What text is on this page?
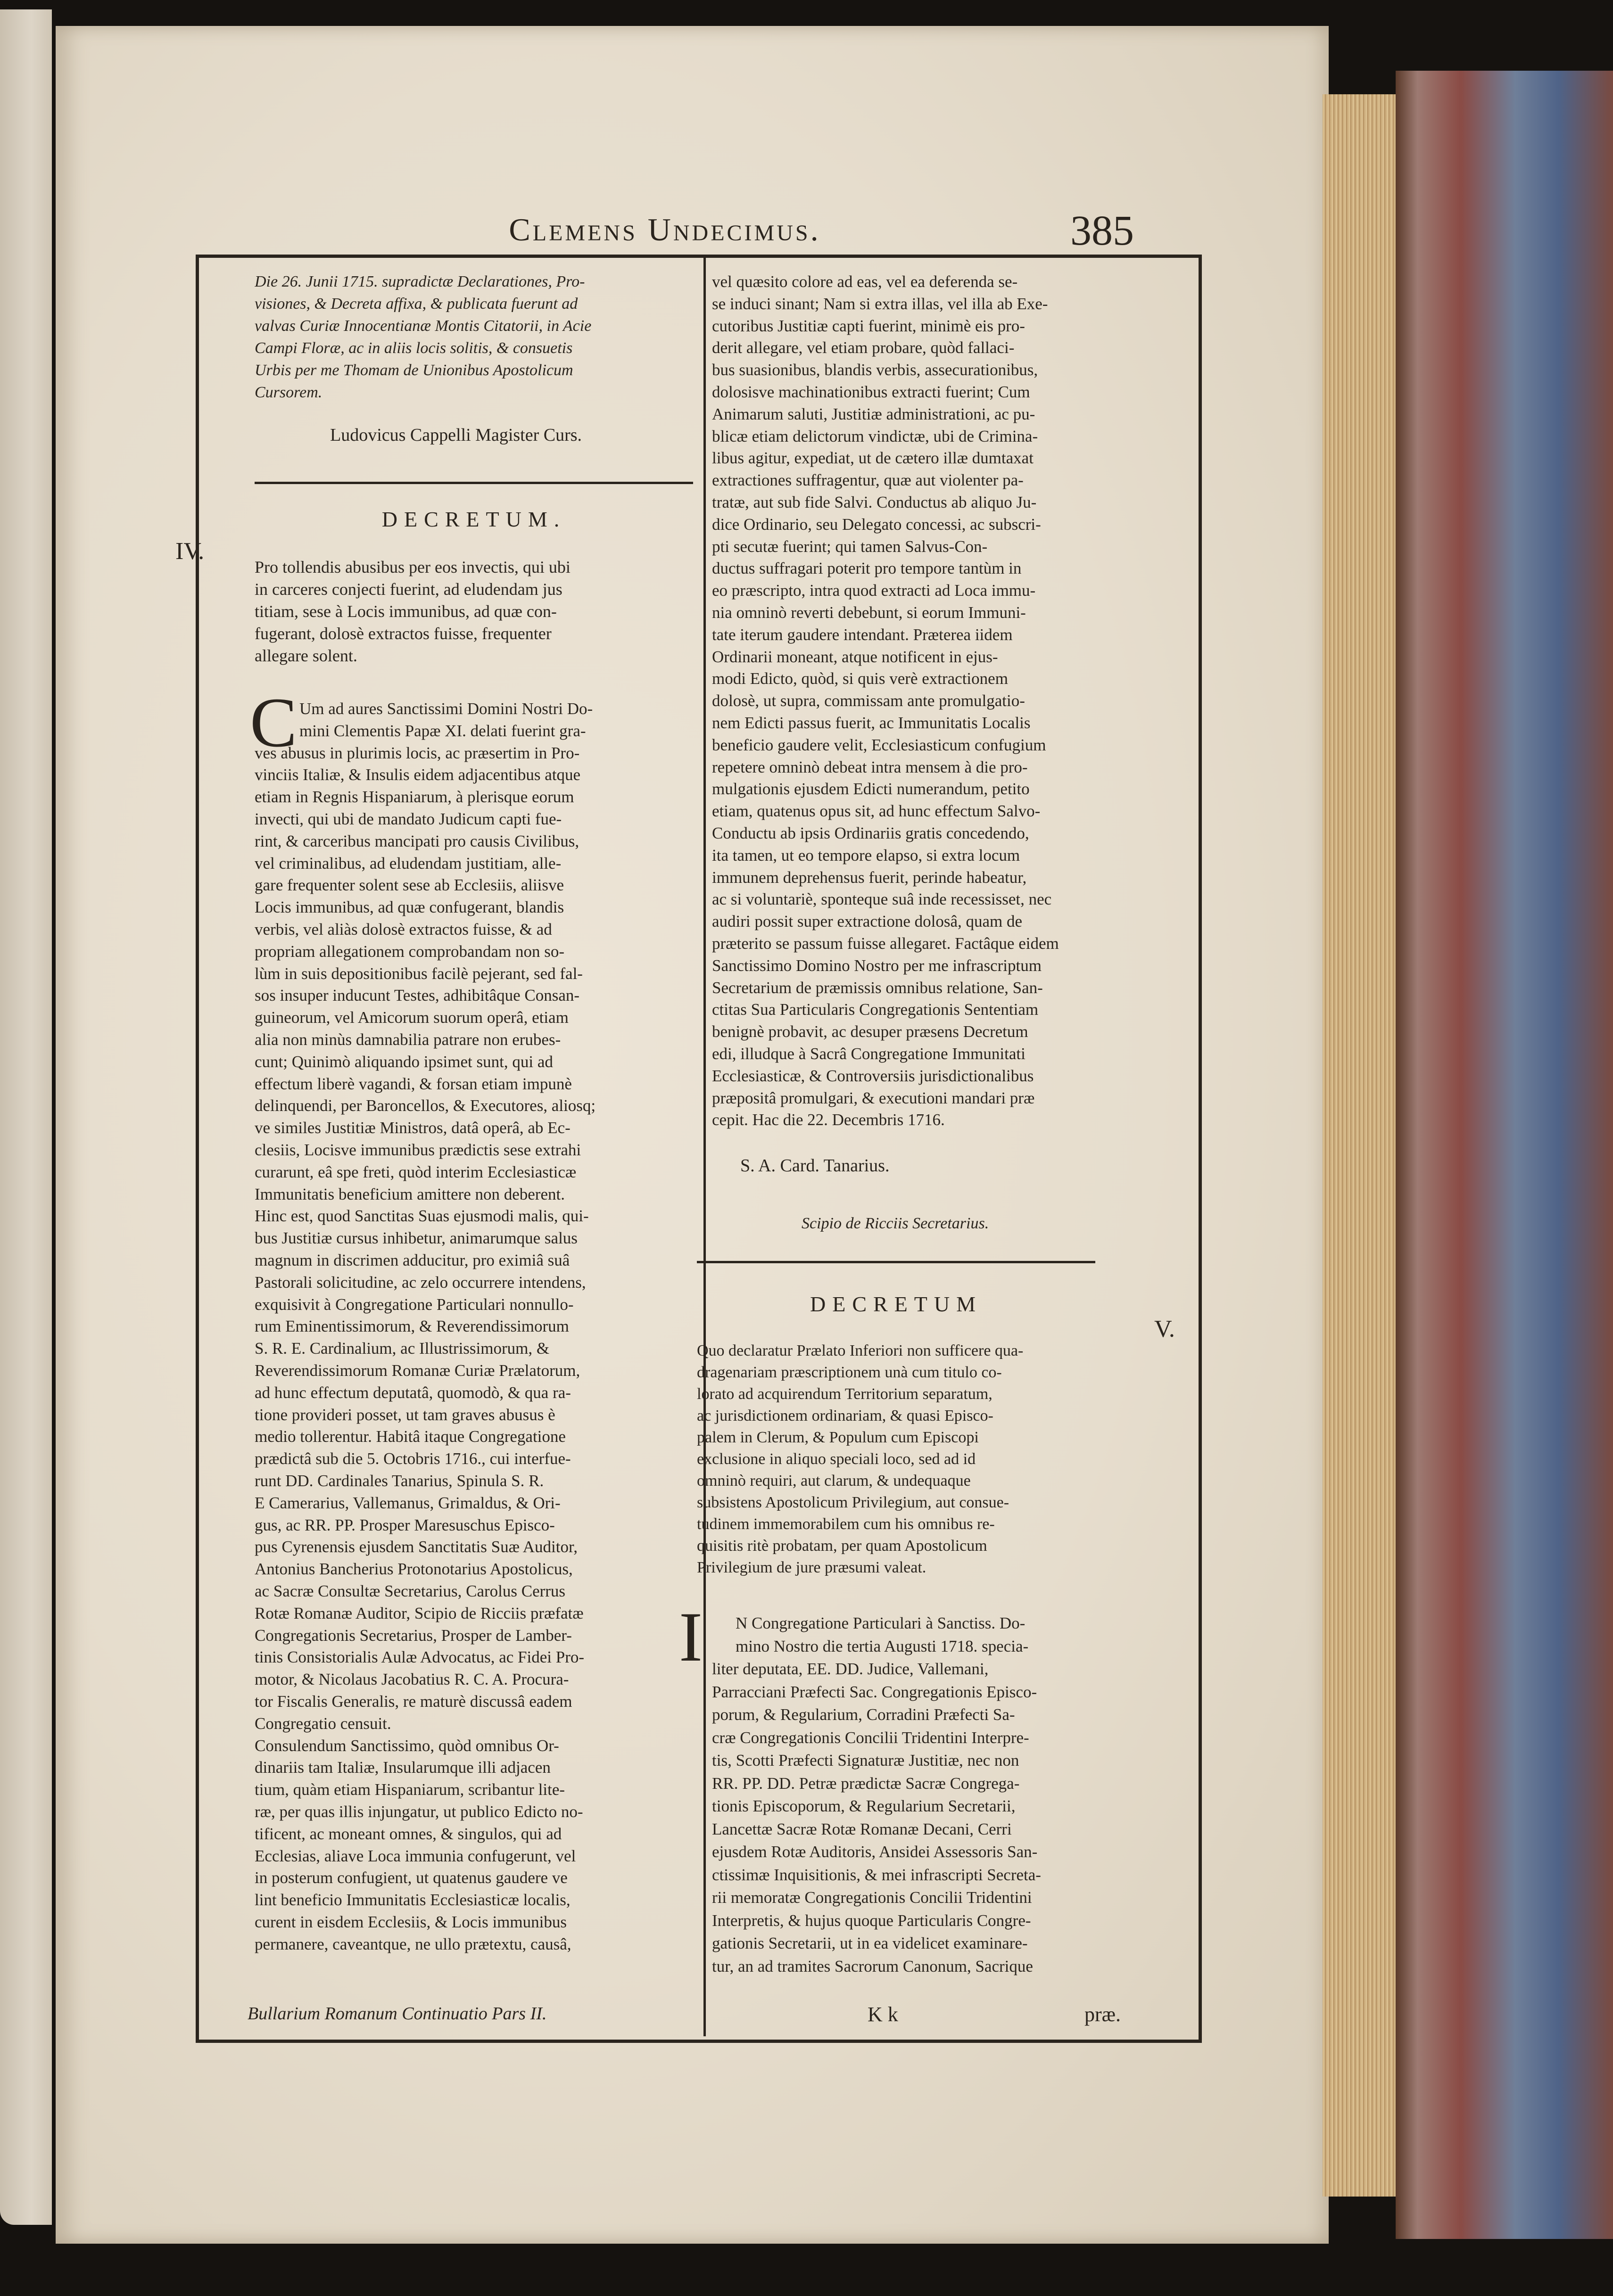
Clemens Undecimus.	385
IV.
V.
Bullarium Romanum Continuatio Pars II.	K k	præ.
Die 26. Junii 1715. supradictæ Declarationes, Pro-
visiones, & Decreta affixa, & publicata fuerunt ad
valvas Curiæ Innocentianæ Montis Citatorii, in Acie
Campi Floræ, ac in aliis locis solitis, & consuetis
Urbis per me Thomam de Unionibus Apostolicum
Cursorem.
Ludovicus Cappelli Magister Curs.
DECRETUM.
Pro tollendis abusibus per eos invectis, qui ubi
in carceres conjecti fuerint, ad eludendam jus
titiam, sese à Locis immunibus, ad quæ con-
fugerant, dolosè extractos fuisse, frequenter
allegare solent.
C Um ad aures Sanctissimi Domini Nostri Do-
mini Clementis Papæ XI. delati fuerint gra-
ves abusus in plurimis locis, ac præsertim in Pro-
vinciis Italiæ, & Insulis eidem adjacentibus atque
etiam in Regnis Hispaniarum, à plerisque eorum
invecti, qui ubi de mandato Judicum capti fue-
rint, & carceribus mancipati pro causis Civilibus,
vel criminalibus, ad eludendam justitiam, alle-
gare frequenter solent sese ab Ecclesiis, aliisve
Locis immunibus, ad quæ confugerant, blandis
verbis, vel aliàs dolosè extractos fuisse, & ad
propriam allegationem comprobandam non so-
lùm in suis depositionibus facilè pejerant, sed fal-
sos insuper inducunt Testes, adhibitâque Consan-
guineorum, vel Amicorum suorum operâ, etiam
alia non minùs damnabilia patrare non erubes-
cunt; Quinimò aliquando ipsimet sunt, qui ad
effectum liberè vagandi, & forsan etiam impunè
delinquendi, per Baroncellos, & Executores, aliosq;
ve similes Justitiæ Ministros, datâ operâ, ab Ec-
clesiis, Locisve immunibus prædictis sese extrahi
curarunt, eâ spe freti, quòd interim Ecclesiasticæ
Immunitatis beneficium amittere non deberent.
Hinc est, quod Sanctitas Suas ejusmodi malis, qui-
bus Justitiæ cursus inhibetur, animarumque salus
magnum in discrimen adducitur, pro eximiâ suâ
Pastorali solicitudine, ac zelo occurrere intendens,
exquisivit à Congregatione Particulari nonnullo-
rum Eminentissimorum, & Reverendissimorum
S. R. E. Cardinalium, ac Illustrissimorum, &
Reverendissimorum Romanæ Curiæ Prælatorum,
ad hunc effectum deputatâ, quomodò, & qua ra-
tione provideri posset, ut tam graves abusus è
medio tollerentur. Habitâ itaque Congregatione
prædictâ sub die 5. Octobris 1716., cui interfue-
runt DD. Cardinales Tanarius, Spinula S. R.
E Camerarius, Vallemanus, Grimaldus, & Ori-
gus, ac RR. PP. Prosper Maresuschus Episco-
pus Cyrenensis ejusdem Sanctitatis Suæ Auditor,
Antonius Bancherius Protonotarius Apostolicus,
ac Sacræ Consultæ Secretarius, Carolus Cerrus
Rotæ Romanæ Auditor, Scipio de Ricciis præfatæ
Congregationis Secretarius, Prosper de Lamber-
tinis Consistorialis Aulæ Advocatus, ac Fidei Pro-
motor, & Nicolaus Jacobatius R. C. A. Procura-
tor Fiscalis Generalis, re maturè discussâ eadem
Congregatio censuit.
Consulendum Sanctissimo, quòd omnibus Or-
dinariis tam Italiæ, Insularumque illi adjacen
tium, quàm etiam Hispaniarum, scribantur lite-
ræ, per quas illis injungatur, ut publico Edicto no-
tificent, ac moneant omnes, & singulos, qui ad
Ecclesias, aliave Loca immunia confugerunt, vel
in posterum confugient, ut quatenus gaudere ve
lint beneficio Immunitatis Ecclesiasticæ localis,
curent in eisdem Ecclesiis, & Locis immunibus
permanere, caveantque, ne ullo prætextu, causâ,
vel quæsito colore ad eas, vel ea deferenda se-
se induci sinant; Nam si extra illas, vel illa ab Exe-
cutoribus Justitiæ capti fuerint, minimè eis pro-
derit allegare, vel etiam probare, quòd fallaci-
bus suasionibus, blandis verbis, assecurationibus,
dolosisve machinationibus extracti fuerint; Cum
Animarum saluti, Justitiæ administrationi, ac pu-
blicæ etiam delictorum vindictæ, ubi de Crimina-
libus agitur, expediat, ut de cætero illæ dumtaxat
extractiones suffragentur, quæ aut violenter pa-
tratæ, aut sub fide Salvi. Conductus ab aliquo Ju-
dice Ordinario, seu Delegato concessi, ac subscri-
pti secutæ fuerint; qui tamen Salvus-Con-
ductus suffragari poterit pro tempore tantùm in
eo præscripto, intra quod extracti ad Loca immu-
nia omninò reverti debebunt, si eorum Immuni-
tate iterum gaudere intendant. Præterea iidem
Ordinarii moneant, atque notificent in ejus-
modi Edicto, quòd, si quis verè extractionem
dolosè, ut supra, commissam ante promulgatio-
nem Edicti passus fuerit, ac Immunitatis Localis
beneficio gaudere velit, Ecclesiasticum confugium
repetere omninò debeat intra mensem à die pro-
mulgationis ejusdem Edicti numerandum, petito
etiam, quatenus opus sit, ad hunc effectum Salvo-
Conductu ab ipsis Ordinariis gratis concedendo,
ita tamen, ut eo tempore elapso, si extra locum
immunem deprehensus fuerit, perinde habeatur,
ac si voluntariè, sponteque suâ inde recessisset, nec
audiri possit super extractione dolosâ, quam de
præterito se passum fuisse allegaret. Factâque eidem
Sanctissimo Domino Nostro per me infrascriptum
Secretarium de præmissis omnibus relatione, San-
ctitas Sua Particularis Congregationis Sententiam
benignè probavit, ac desuper præsens Decretum
edi, illudque à Sacrâ Congregatione Immunitati
Ecclesiasticæ, & Controversiis jurisdictionalibus
præpositâ promulgari, & executioni mandari præ
cepit. Hac die 22. Decembris 1716.
S. A. Card. Tanarius.
Scipio de Ricciis Secretarius.
DECRETUM
Quo declaratur Prælato Inferiori non sufficere qua-
dragenariam præscriptionem unà cum titulo co-
lorato ad acquirendum Territorium separatum,
ac jurisdictionem ordinariam, & quasi Episco-
palem in Clerum, & Populum cum Episcopi
exclusione in aliquo speciali loco, sed ad id
omninò requiri, aut clarum, & undequaque
subsistens Apostolicum Privilegium, aut consue-
tudinem immemorabilem cum his omnibus re-
quisitis ritè probatam, per quam Apostolicum
Privilegium de jure præsumi valeat.
I	N Congregatione Particulari à Sanctiss. Do-
mino Nostro die tertia Augusti 1718. specia-
liter deputata, EE. DD. Judice, Vallemani,
Parracciani Præfecti Sac. Congregationis Episco-
porum, & Regularium, Corradini Præfecti Sa-
cræ Congregationis Concilii Tridentini Interpre-
tis, Scotti Præfecti Signaturæ Justitiæ, nec non
RR. PP. DD. Petræ prædictæ Sacræ Congrega-
tionis Episcoporum, & Regularium Secretarii,
Lancettæ Sacræ Rotæ Romanæ Decani, Cerri
ejusdem Rotæ Auditoris, Ansidei Assessoris San-
ctissimæ Inquisitionis, & mei infrascripti Secreta-
rii memoratæ Congregationis Concilii Tridentini
Interpretis, & hujus quoque Particularis Congre-
gationis Secretarii, ut in ea videlicet examinare-
tur, an ad tramites Sacrorum Canonum, Sacrique
